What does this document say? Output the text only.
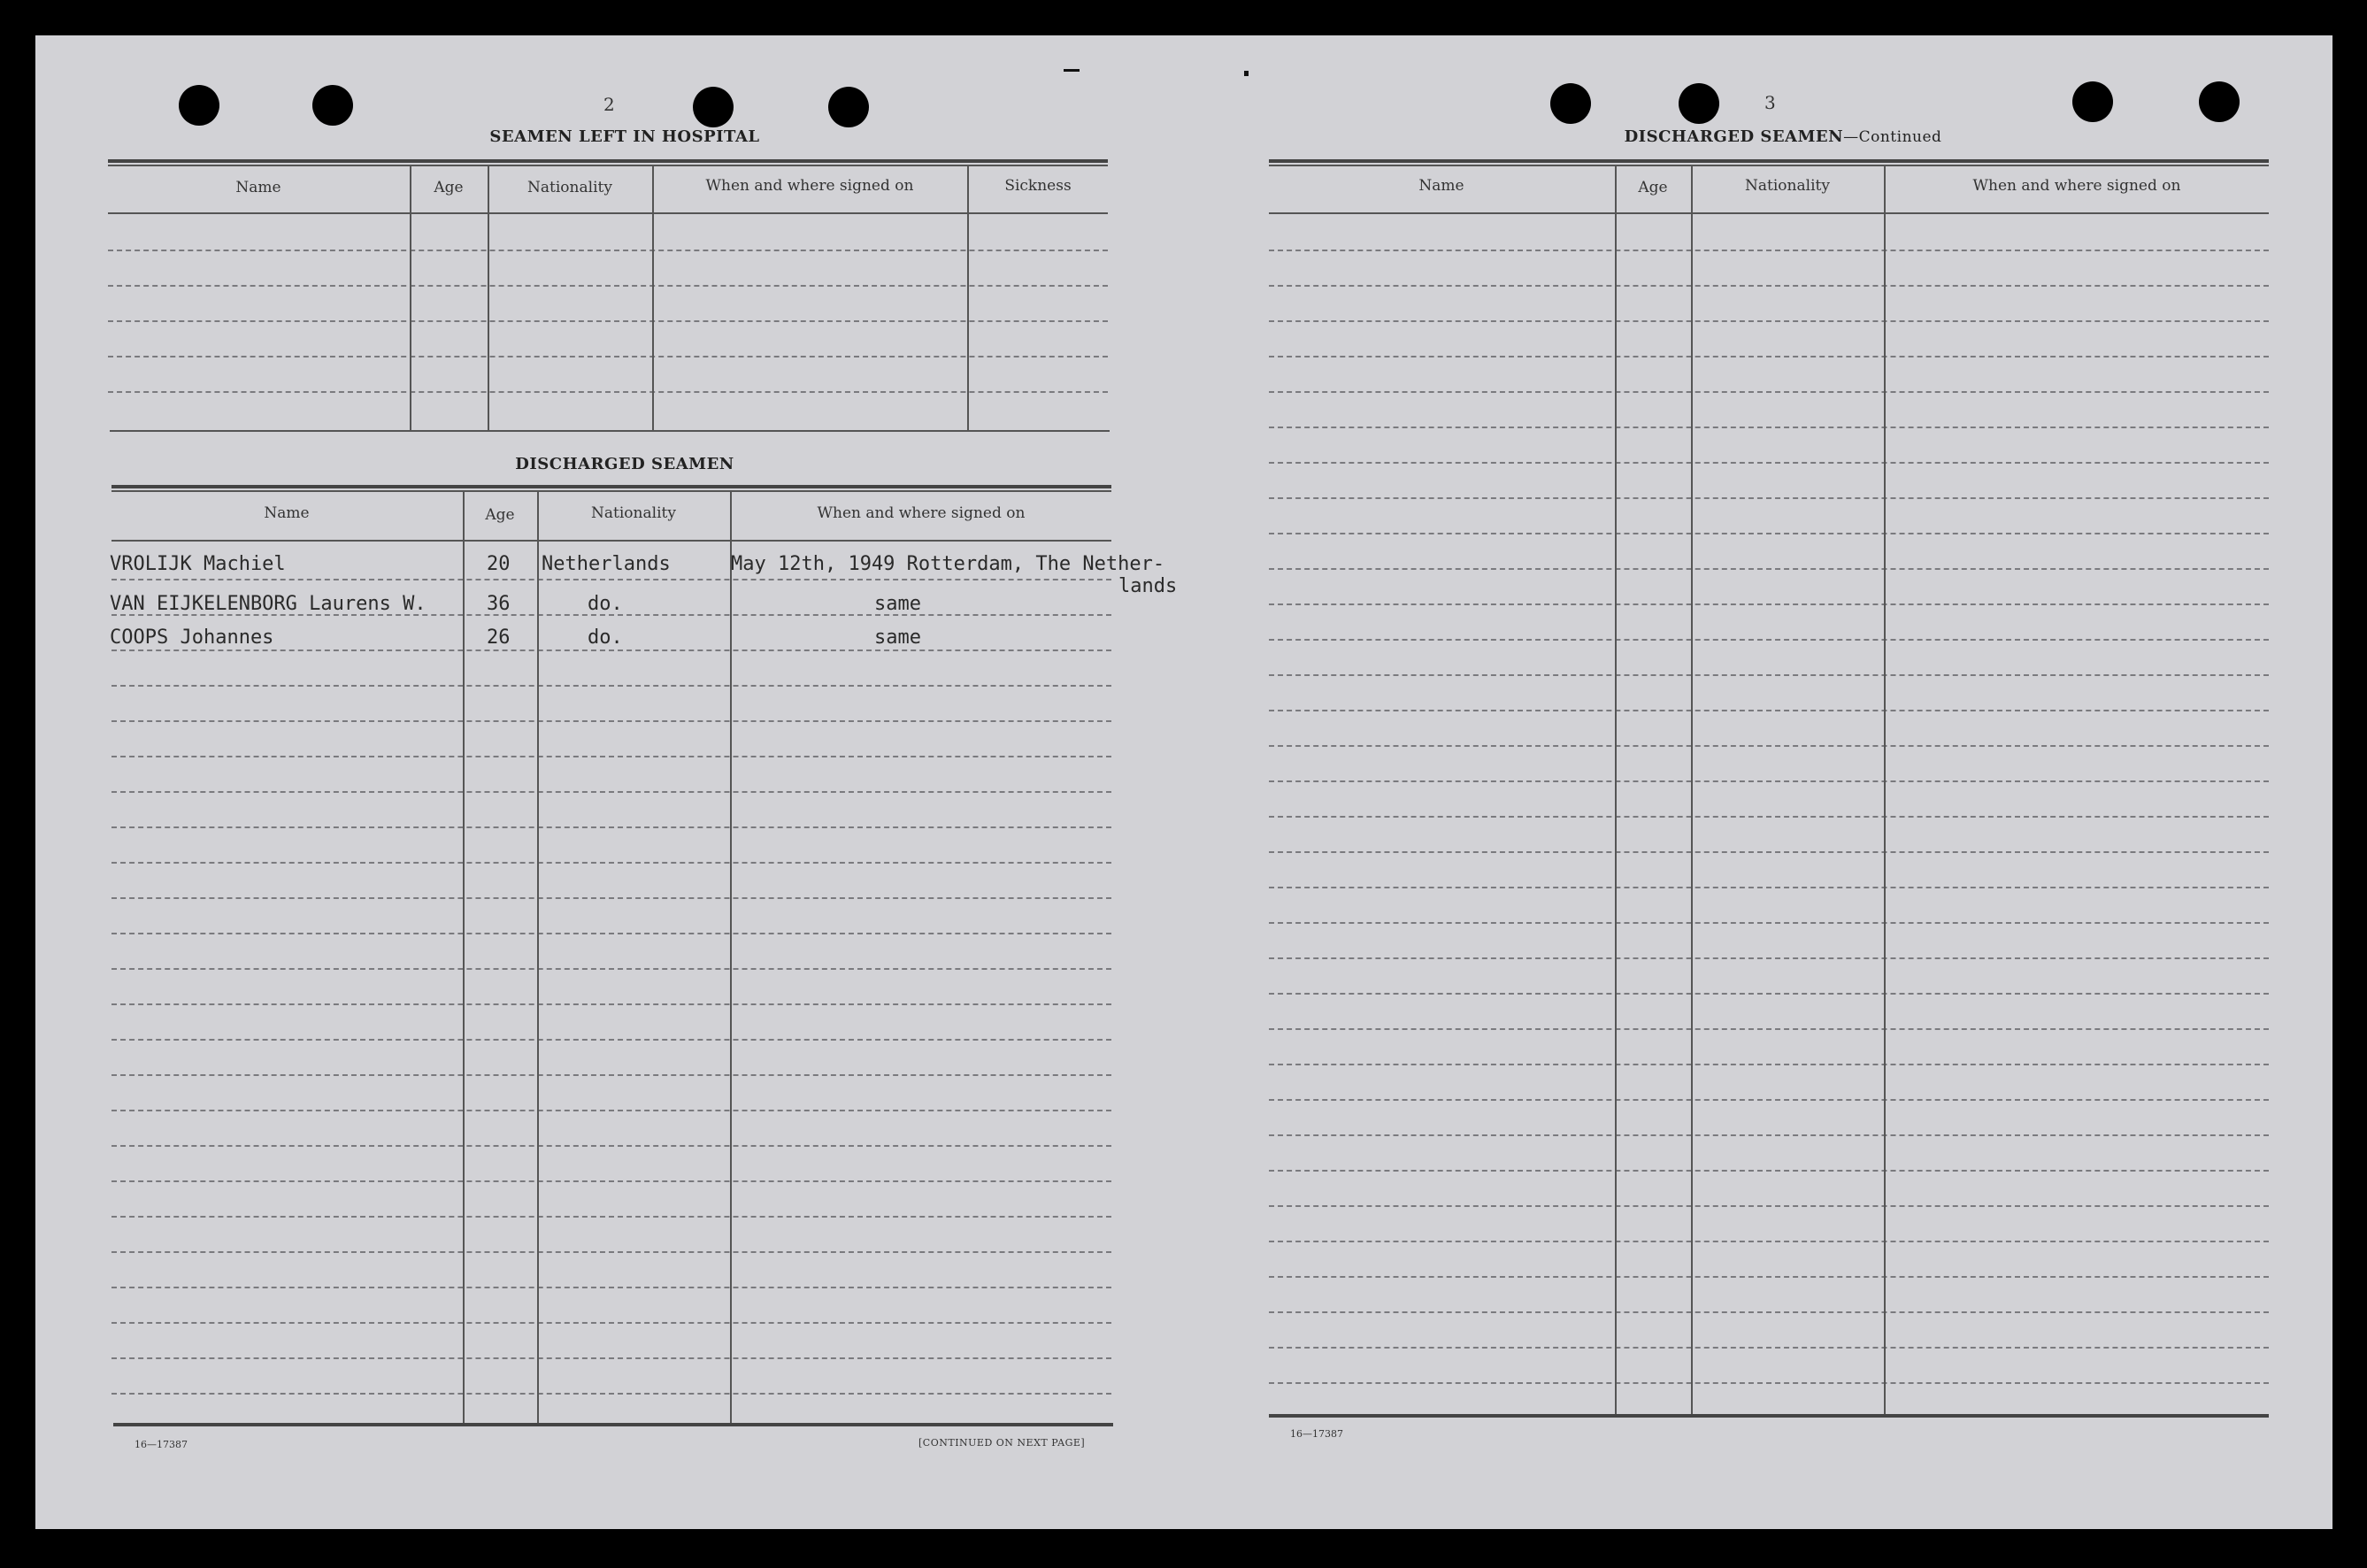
2
SEAMEN LEFT IN HOSPITAL
Name	Age	Nationality	When and where signed on	Sickness
DISCHARGED SEAMEN
Name	Age	Nationality	When and where signed on
VROLIJK Machiel	20 Netherlands	May 12th, 1949 Rotterdam, The Nether-
lands
VAN EIJKELENBORG Laurens W.	36	do.	same
COOPS Johannes	26	do.	same
16—17387	[CONTINUED ON NEXT PAGE]
3
DISCHARGED SEAMEN—Continued
Name	Age	Nationality	When and where signed on
16—17387
